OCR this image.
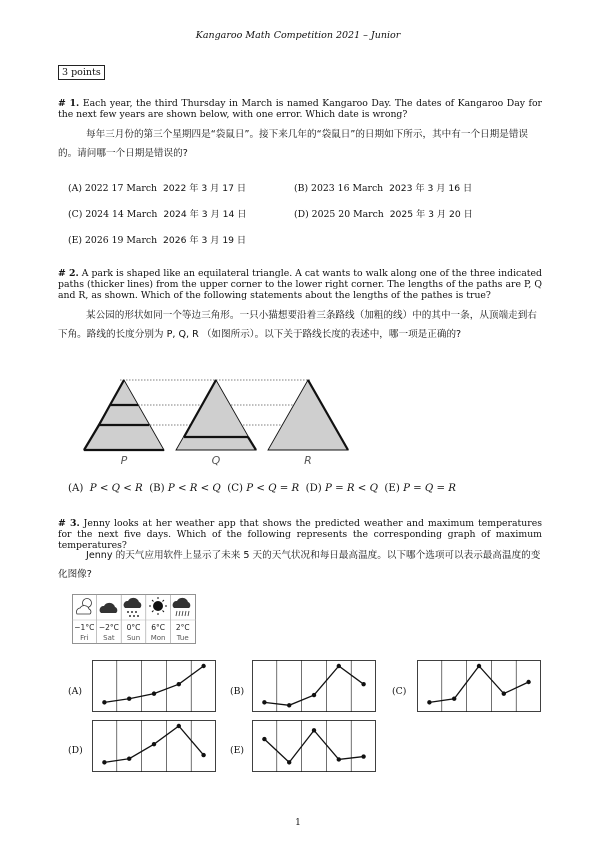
Kangaroo Math Competition 2021 – Junior
3 points
# 1. Each year, the third Thursday in March is named Kangaroo Day. The dates of Kangaroo Day for the next few years are shown below, with one error. Which date is wrong?
每年三月份的第三个星期四是“袋鼠日”。接下来几年的“袋鼠日”的日期如下所示，其中有一个日期是错误的。请问哪一个日期是错误的?
(A) 2022 17 March 2022 年 3 月 17 日	(B) 2023 16 March 2023 年 3 月 16 日
(C) 2024 14 March 2024 年 3 月 14 日	(D) 2025 20 March 2025 年 3 月 20 日
(E) 2026 19 March 2026 年 3 月 19 日
# 2. A park is shaped like an equilateral triangle. A cat wants to walk along one of the three indicated paths (thicker lines) from the upper corner to the lower right corner. The lengths of the paths are P, Q and R, as shown. Which of the following statements about the lengths of the pathes is true?
某公园的形状如同一个等边三角形。一只小猫想要沿着三条路线（加粗的线）中的其中一条，从顶端走到右下角。路线的长度分别为 P, Q, R （如图所示）。以下关于路线长度的表述中，哪一项是正确的?
P	Q	R
(A) P < Q < R (B) P < R < Q (C) P < Q = R (D) P = R < Q (E) P = Q = R
# 3. Jenny looks at her weather app that shows the predicted weather and maximum temperatures for the next five days. Which of the following represents the corresponding graph of maximum temperatures?
Jenny 的天气应用软件上显示了未来 5 天的天气状况和每日最高温度。以下哪个选项可以表示最高温度的变化图像?
−1°C −2°C 0°C 6°C 2°C
Fri Sat Sun Mon Tue
(A)	(B)	(C)
(D)	(E)
1
